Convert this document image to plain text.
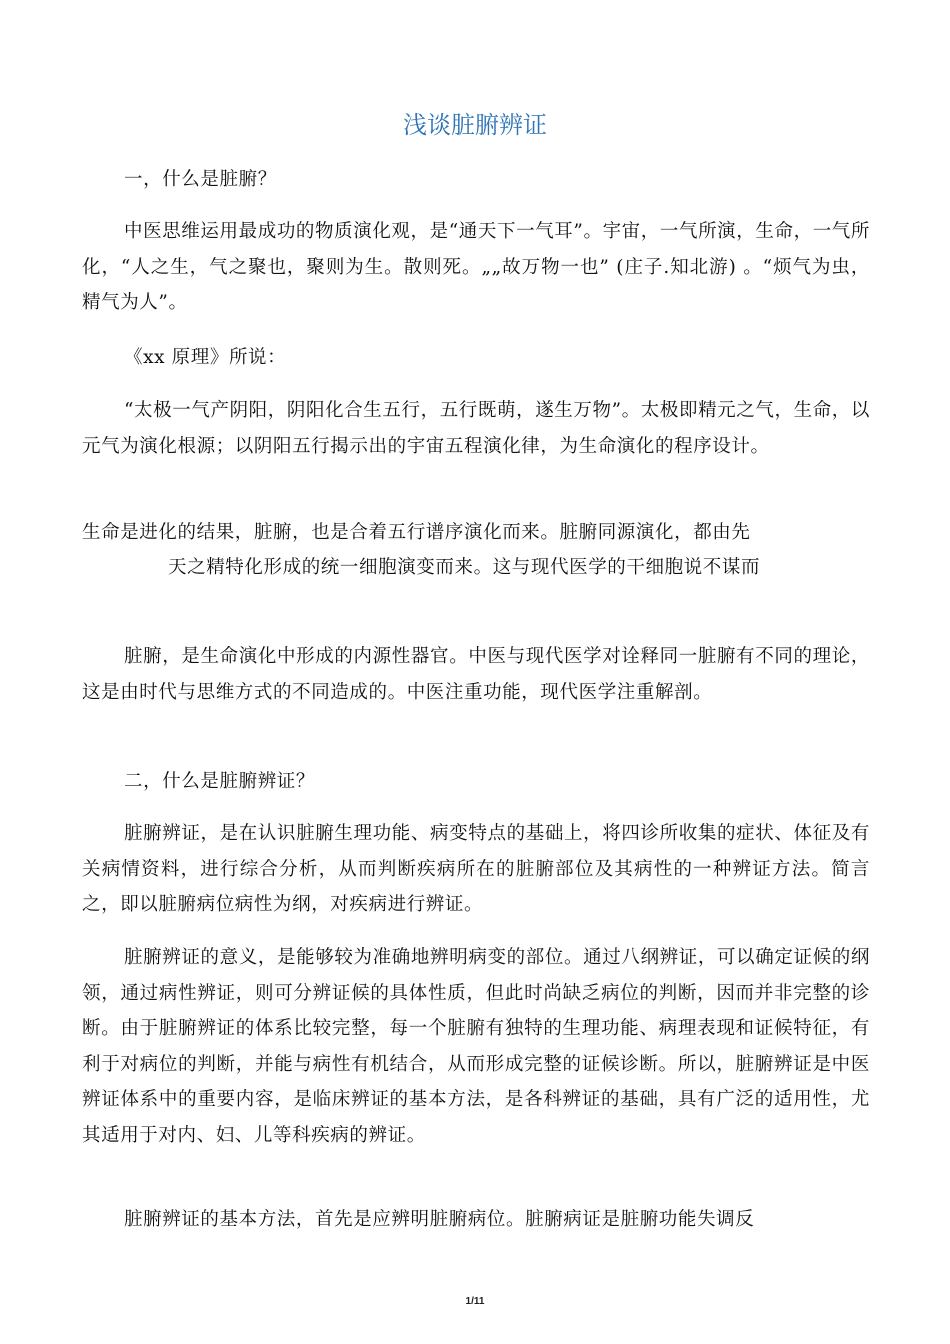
浅谈脏腑辨证

一，什么是脏腑？

中医思维运用最成功的物质演化观，是“通天下一气耳”。宇宙，一气所演，生命，一气所化，“人之生，气之聚也，聚则为生。散则死。„„故万物一也” (庄子.知北游) 。“烦气为虫，精气为人”。

《xx 原理》所说：

“太极一气产阴阳，阴阳化合生五行，五行既萌，遂生万物”。太极即精元之气，生命，以元气为演化根源；以阴阳五行揭示出的宇宙五程演化律，为生命演化的程序设计。

生命是进化的结果，脏腑，也是合着五行谱序演化而来。脏腑同源演化，都由先

天之精特化形成的统一细胞演变而来。这与现代医学的干细胞说不谋而

脏腑，是生命演化中形成的内源性器官。中医与现代医学对诠释同一脏腑有不同的理论，这是由时代与思维方式的不同造成的。中医注重功能，现代医学注重解剖。

二，什么是脏腑辨证？

脏腑辨证，是在认识脏腑生理功能、病变特点的基础上，将四诊所收集的症状、体征及有关病情资料，进行综合分析，从而判断疾病所在的脏腑部位及其病性的一种辨证方法。简言之，即以脏腑病位病性为纲，对疾病进行辨证。

脏腑辨证的意义，是能够较为准确地辨明病变的部位。通过八纲辨证，可以确定证候的纲领，通过病性辨证，则可分辨证候的具体性质，但此时尚缺乏病位的判断，因而并非完整的诊断。由于脏腑辨证的体系比较完整，每一个脏腑有独特的生理功能、病理表现和证候特征，有利于对病位的判断，并能与病性有机结合，从而形成完整的证候诊断。所以，脏腑辨证是中医辨证体系中的重要内容，是临床辨证的基本方法，是各科辨证的基础，具有广泛的适用性，尤其适用于对内、妇、儿等科疾病的辨证。

脏腑辨证的基本方法，首先是应辨明脏腑病位。脏腑病证是脏腑功能失调反

1/11
